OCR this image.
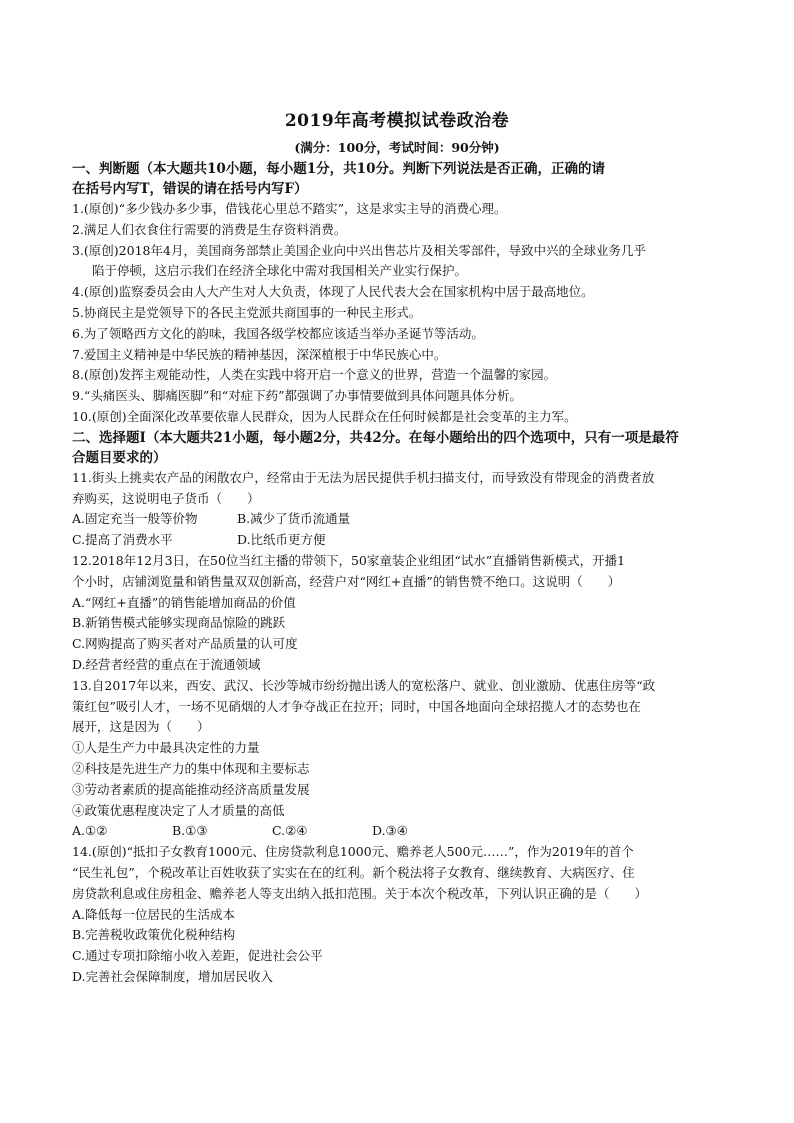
2019年高考模拟试卷政治卷
(满分：100分，考试时间：90分钟)
一、判断题（本大题共10小题，每小题1分，共10分。判断下列说法是否正确，正确的请
在括号内写T，错误的请在括号内写F）
1.(原创)“多少钱办多少事，借钱花心里总不踏实”，这是求实主导的消费心理。
2.满足人们衣食住行需要的消费是生存资料消费。
3.(原创)2018年4月，美国商务部禁止美国企业向中兴出售芯片及相关零部件，导致中兴的全球业务几乎
陷于停顿，这启示我们在经济全球化中需对我国相关产业实行保护。
4.(原创)监察委员会由人大产生对人大负责，体现了人民代表大会在国家机构中居于最高地位。
5.协商民主是党领导下的各民主党派共商国事的一种民主形式。
6.为了领略西方文化的韵味，我国各级学校都应该适当举办圣诞节等活动。
7.爱国主义精神是中华民族的精神基因，深深植根于中华民族心中。
8.(原创)发挥主观能动性，人类在实践中将开启一个意义的世界，营造一个温馨的家园。
9.“头痛医头、脚痛医脚”和“对症下药”都强调了办事情要做到具体问题具体分析。
10.(原创)全面深化改革要依靠人民群众，因为人民群众在任何时候都是社会变革的主力军。
二、选择题Ⅰ（本大题共21小题，每小题2分，共42分。在每小题给出的四个选项中，只有一项是最符
合题目要求的）
11.街头上挑卖农产品的闲散农户，经常由于无法为居民提供手机扫描支付，而导致没有带现金的消费者放
弃购买，这说明电子货币（　　）
A.固定充当一般等价物	B.减少了货币流通量
C.提高了消费水平	D.比纸币更方便
12.2018年12月3日，在50位当红主播的带领下，50家童装企业组团“试水”直播销售新模式，开播1
个小时，店铺浏览量和销售量双双创新高，经营户对“网红+直播”的销售赞不绝口。这说明（　　）
A.“网红+直播”的销售能增加商品的价值
B.新销售模式能够实现商品惊险的跳跃
C.网购提高了购买者对产品质量的认可度
D.经营者经营的重点在于流通领域
13.自2017年以来，西安、武汉、长沙等城市纷纷抛出诱人的宽松落户、就业、创业激励、优惠住房等“政
策红包”吸引人才，一场不见硝烟的人才争夺战正在拉开；同时，中国各地面向全球招揽人才的态势也在
展开，这是因为（　　）
①人是生产力中最具决定性的力量
②科技是先进生产力的集中体现和主要标志
③劳动者素质的提高能推动经济高质量发展
④政策优惠程度决定了人才质量的高低
A.①②	B.①③	C.②④	D.③④
14.(原创)“抵扣子女教育1000元、住房贷款利息1000元、赡养老人500元……”，作为2019年的首个
“民生礼包”，个税改革让百姓收获了实实在在的红利。新个税法将子女教育、继续教育、大病医疗、住
房贷款利息或住房租金、赡养老人等支出纳入抵扣范围。关于本次个税改革，下列认识正确的是（　　）
A.降低每一位居民的生活成本
B.完善税收政策优化税种结构
C.通过专项扣除缩小收入差距，促进社会公平
D.完善社会保障制度，增加居民收入
